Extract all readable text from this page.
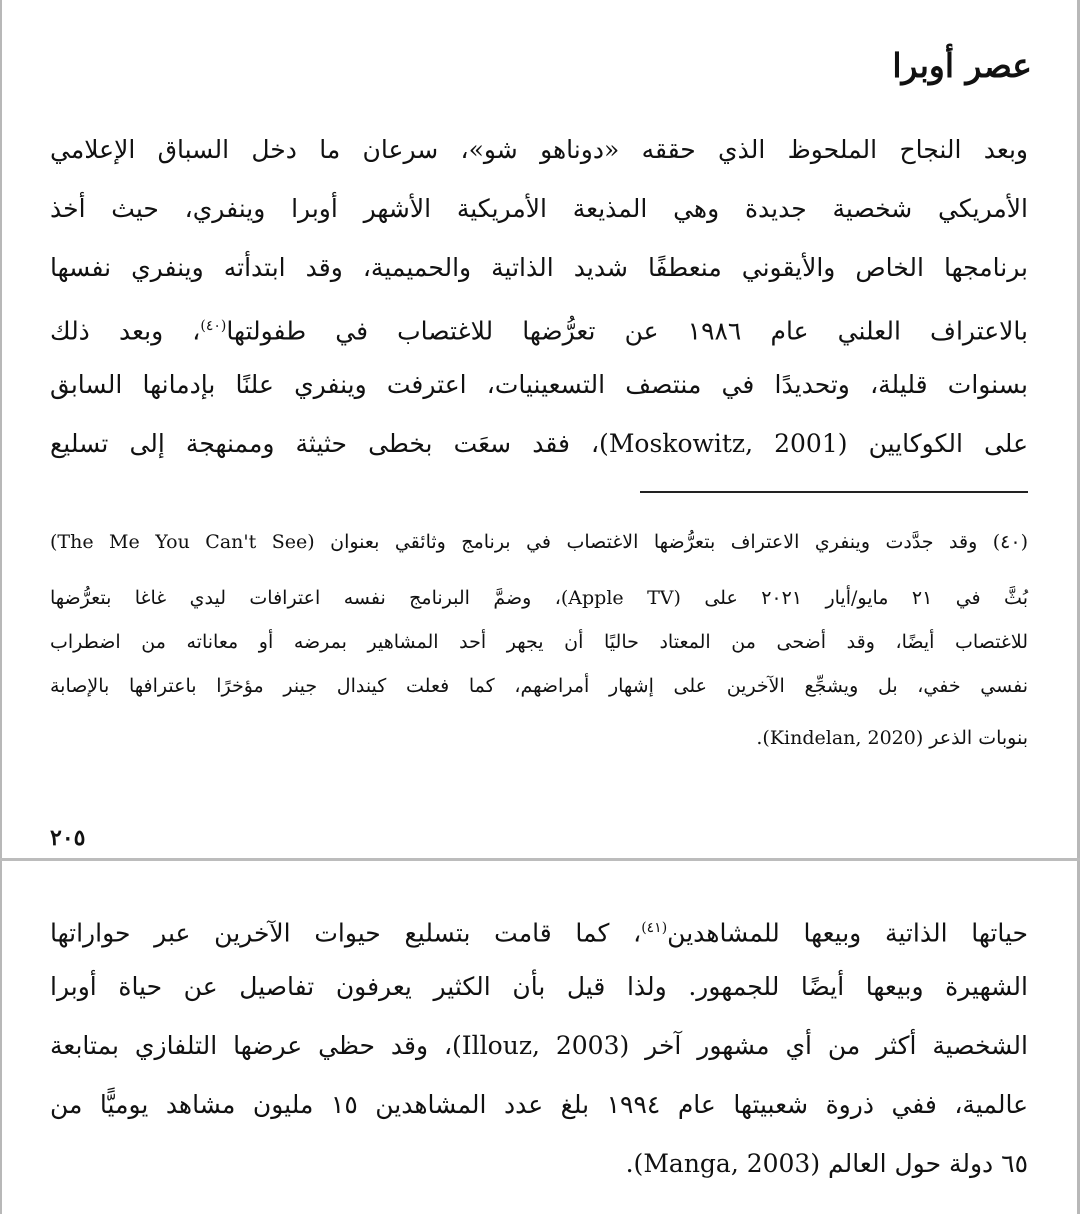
عصر أوبرا
وبعد النجاح الملحوظ الذي حققه «دوناهو شو»، سرعان ما دخل السباق الإعلامي
الأمريكي شخصية جديدة وهي المذيعة الأمريكية الأشهر أوبرا وينفري، حيث أخذ
برنامجها الخاص والأيقوني منعطفًا شديد الذاتية والحميمية، وقد ابتدأته وينفري نفسها
بالاعتراف العلني عام ١٩٨٦ عن تعرُّضها للاغتصاب في طفولتها$^{(٤٠)}$، وبعد ذلك
بسنوات قليلة، وتحديدًا في منتصف التسعينيات، اعترفت وينفري علنًا بإدمانها السابق
على الكوكايين (Moskowitz, 2001)، فقد سعَت بخطى حثيثة وممنهجة إلى تسليع
(٤٠) وقد جدَّدت وينفري الاعتراف بتعرُّضها الاغتصاب في برنامج وثائقي بعنوان (The Me You Can't See)
بُثَّ في ٢١ مايو/أيار ٢٠٢١ على (Apple TV)، وضمَّ البرنامج نفسه اعترافات ليدي غاغا بتعرُّضها
للاغتصاب أيضًا، وقد أضحى من المعتاد حاليًا أن يجهر أحد المشاهير بمرضه أو معاناته من اضطراب
نفسي خفي، بل ويشجِّع الآخرين على إشهار أمراضهم، كما فعلت كيندال جينر مؤخرًا باعترافها بالإصابة
بنوبات الذعر (Kindelan, 2020).
٢٠٥
حياتها الذاتية وبيعها للمشاهدين$^{(٤١)}$، كما قامت بتسليع حيوات الآخرين عبر حواراتها
الشهيرة وبيعها أيضًا للجمهور. ولذا قيل بأن الكثير يعرفون تفاصيل عن حياة أوبرا
الشخصية أكثر من أي مشهور آخر (Illouz, 2003)، وقد حظي عرضها التلفازي بمتابعة
عالمية، ففي ذروة شعبيتها عام ١٩٩٤ بلغ عدد المشاهدين ١٥ مليون مشاهد يوميًّا من
٦٥ دولة حول العالم (Manga, 2003).
